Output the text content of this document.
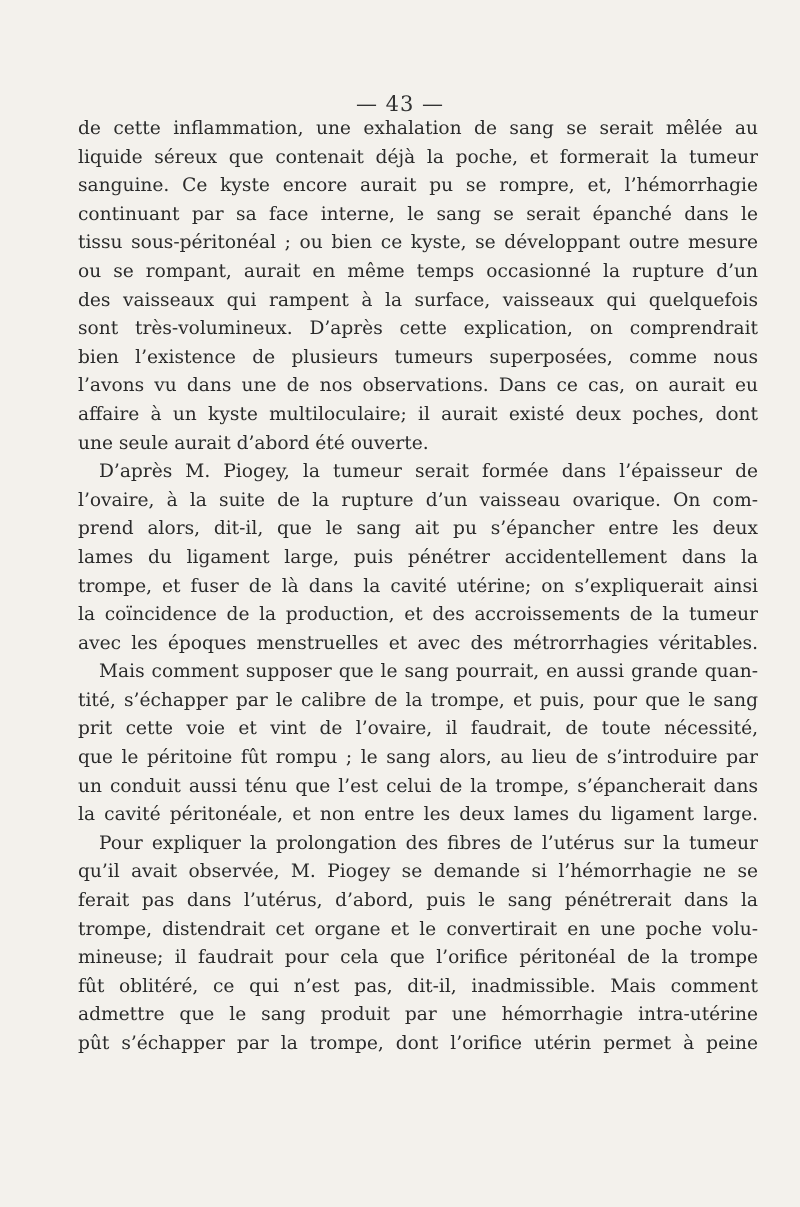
— 43 —
de cette inflammation, une exhalation de sang se serait mêlée au
liquide séreux que contenait déjà la poche, et formerait la tumeur
sanguine. Ce kyste encore aurait pu se rompre, et, l’hémorrhagie
continuant par sa face interne, le sang se serait épanché dans le
tissu sous-péritonéal ; ou bien ce kyste, se développant outre mesure
ou se rompant, aurait en même temps occasionné la rupture d’un
des vaisseaux qui rampent à la surface, vaisseaux qui quelquefois
sont très-volumineux. D’après cette explication, on comprendrait
bien l’existence de plusieurs tumeurs superposées, comme nous
l’avons vu dans une de nos observations. Dans ce cas, on aurait eu
affaire à un kyste multiloculaire; il aurait existé deux poches, dont
une seule aurait d’abord été ouverte.
D’après M. Piogey, la tumeur serait formée dans l’épaisseur de
l’ovaire, à la suite de la rupture d’un vaisseau ovarique. On com-
prend alors, dit-il, que le sang ait pu s’épancher entre les deux
lames du ligament large, puis pénétrer accidentellement dans la
trompe, et fuser de là dans la cavité utérine; on s’expliquerait ainsi
la coïncidence de la production, et des accroissements de la tumeur
avec les époques menstruelles et avec des métrorrhagies véritables.
Mais comment supposer que le sang pourrait, en aussi grande quan-
tité, s’échapper par le calibre de la trompe, et puis, pour que le sang
prit cette voie et vint de l’ovaire, il faudrait, de toute nécessité,
que le péritoine fût rompu ; le sang alors, au lieu de s’introduire par
un conduit aussi ténu que l’est celui de la trompe, s’épancherait dans
la cavité péritonéale, et non entre les deux lames du ligament large.
Pour expliquer la prolongation des fibres de l’utérus sur la tumeur
qu’il avait observée, M. Piogey se demande si l’hémorrhagie ne se
ferait pas dans l’utérus, d’abord, puis le sang pénétrerait dans la
trompe, distendrait cet organe et le convertirait en une poche volu-
mineuse; il faudrait pour cela que l’orifice péritonéal de la trompe
fût oblitéré, ce qui n’est pas, dit-il, inadmissible. Mais comment
admettre que le sang produit par une hémorrhagie intra-utérine
pût s’échapper par la trompe, dont l’orifice utérin permet à peine
